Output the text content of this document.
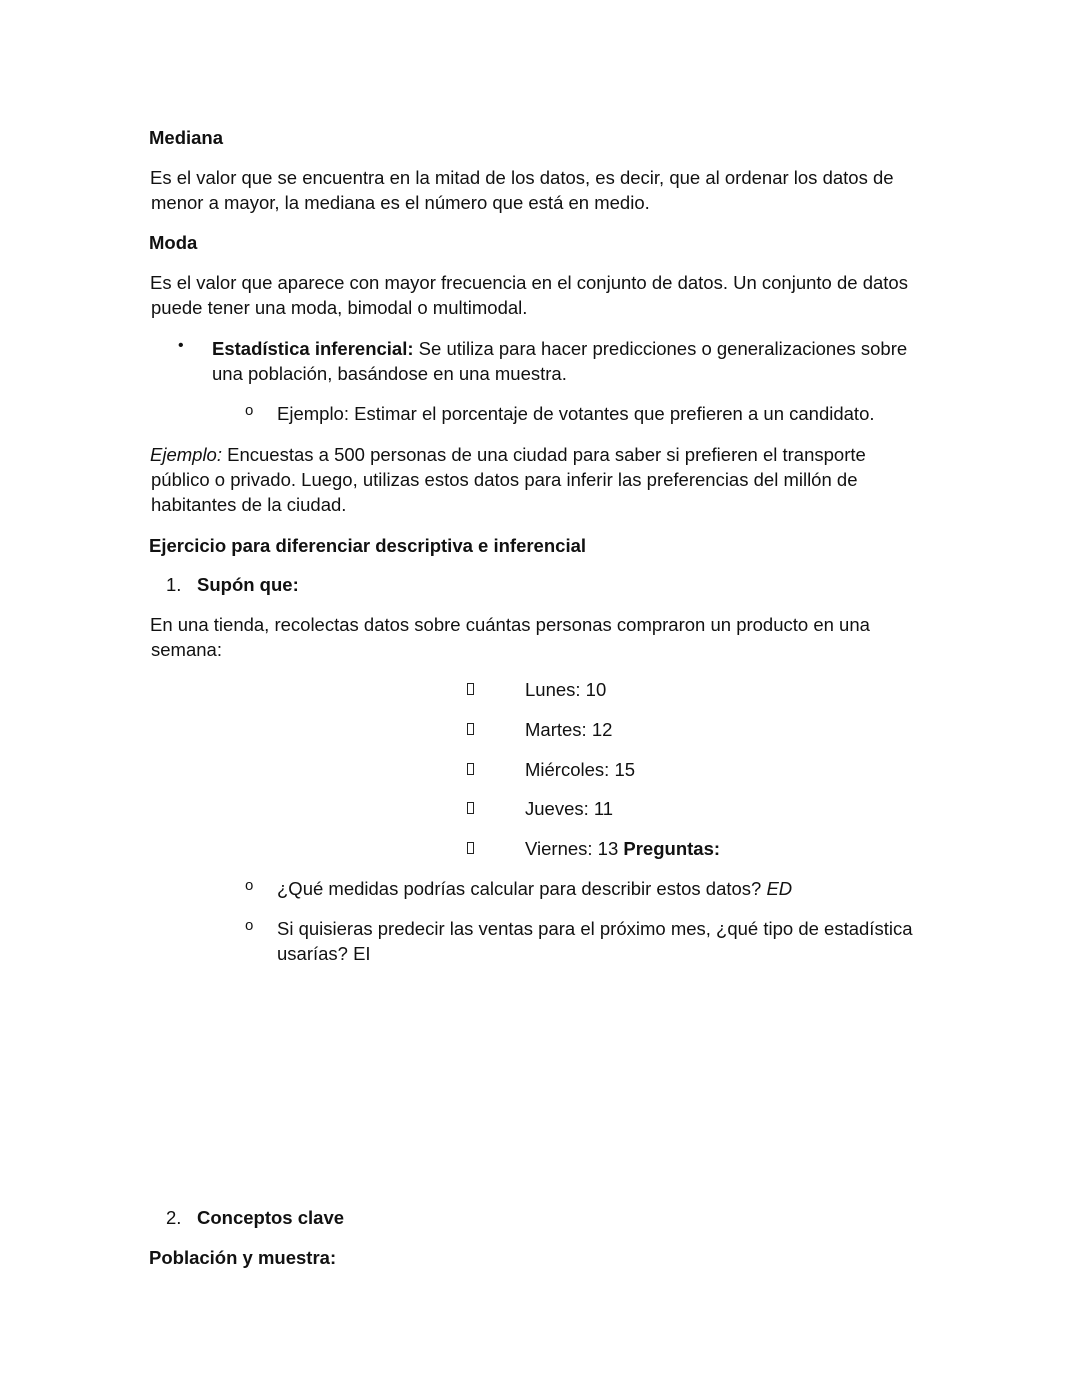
Mediana
Es el valor que se encuentra en la mitad de los datos, es decir, que al ordenar los datos de
menor a mayor, la mediana es el número que está en medio.
Moda
Es el valor que aparece con mayor frecuencia en el conjunto de datos. Un conjunto de datos
puede tener una moda, bimodal o multimodal.
• Estadística inferencial: Se utiliza para hacer predicciones o generalizaciones sobre
una población, basándose en una muestra.
o Ejemplo: Estimar el porcentaje de votantes que prefieren a un candidato.
Ejemplo: Encuestas a 500 personas de una ciudad para saber si prefieren el transporte
público o privado. Luego, utilizas estos datos para inferir las preferencias del millón de
habitantes de la ciudad.
Ejercicio para diferenciar descriptiva e inferencial
1. Supón que:
En una tienda, recolectas datos sobre cuántas personas compraron un producto en una
semana:
Lunes: 10
Martes: 12
Miércoles: 15
Jueves: 11
Viernes: 13 Preguntas:
o ¿Qué medidas podrías calcular para describir estos datos? ED
o Si quisieras predecir las ventas para el próximo mes, ¿qué tipo de estadística
usarías? EI
2. Conceptos clave
Población y muestra:
